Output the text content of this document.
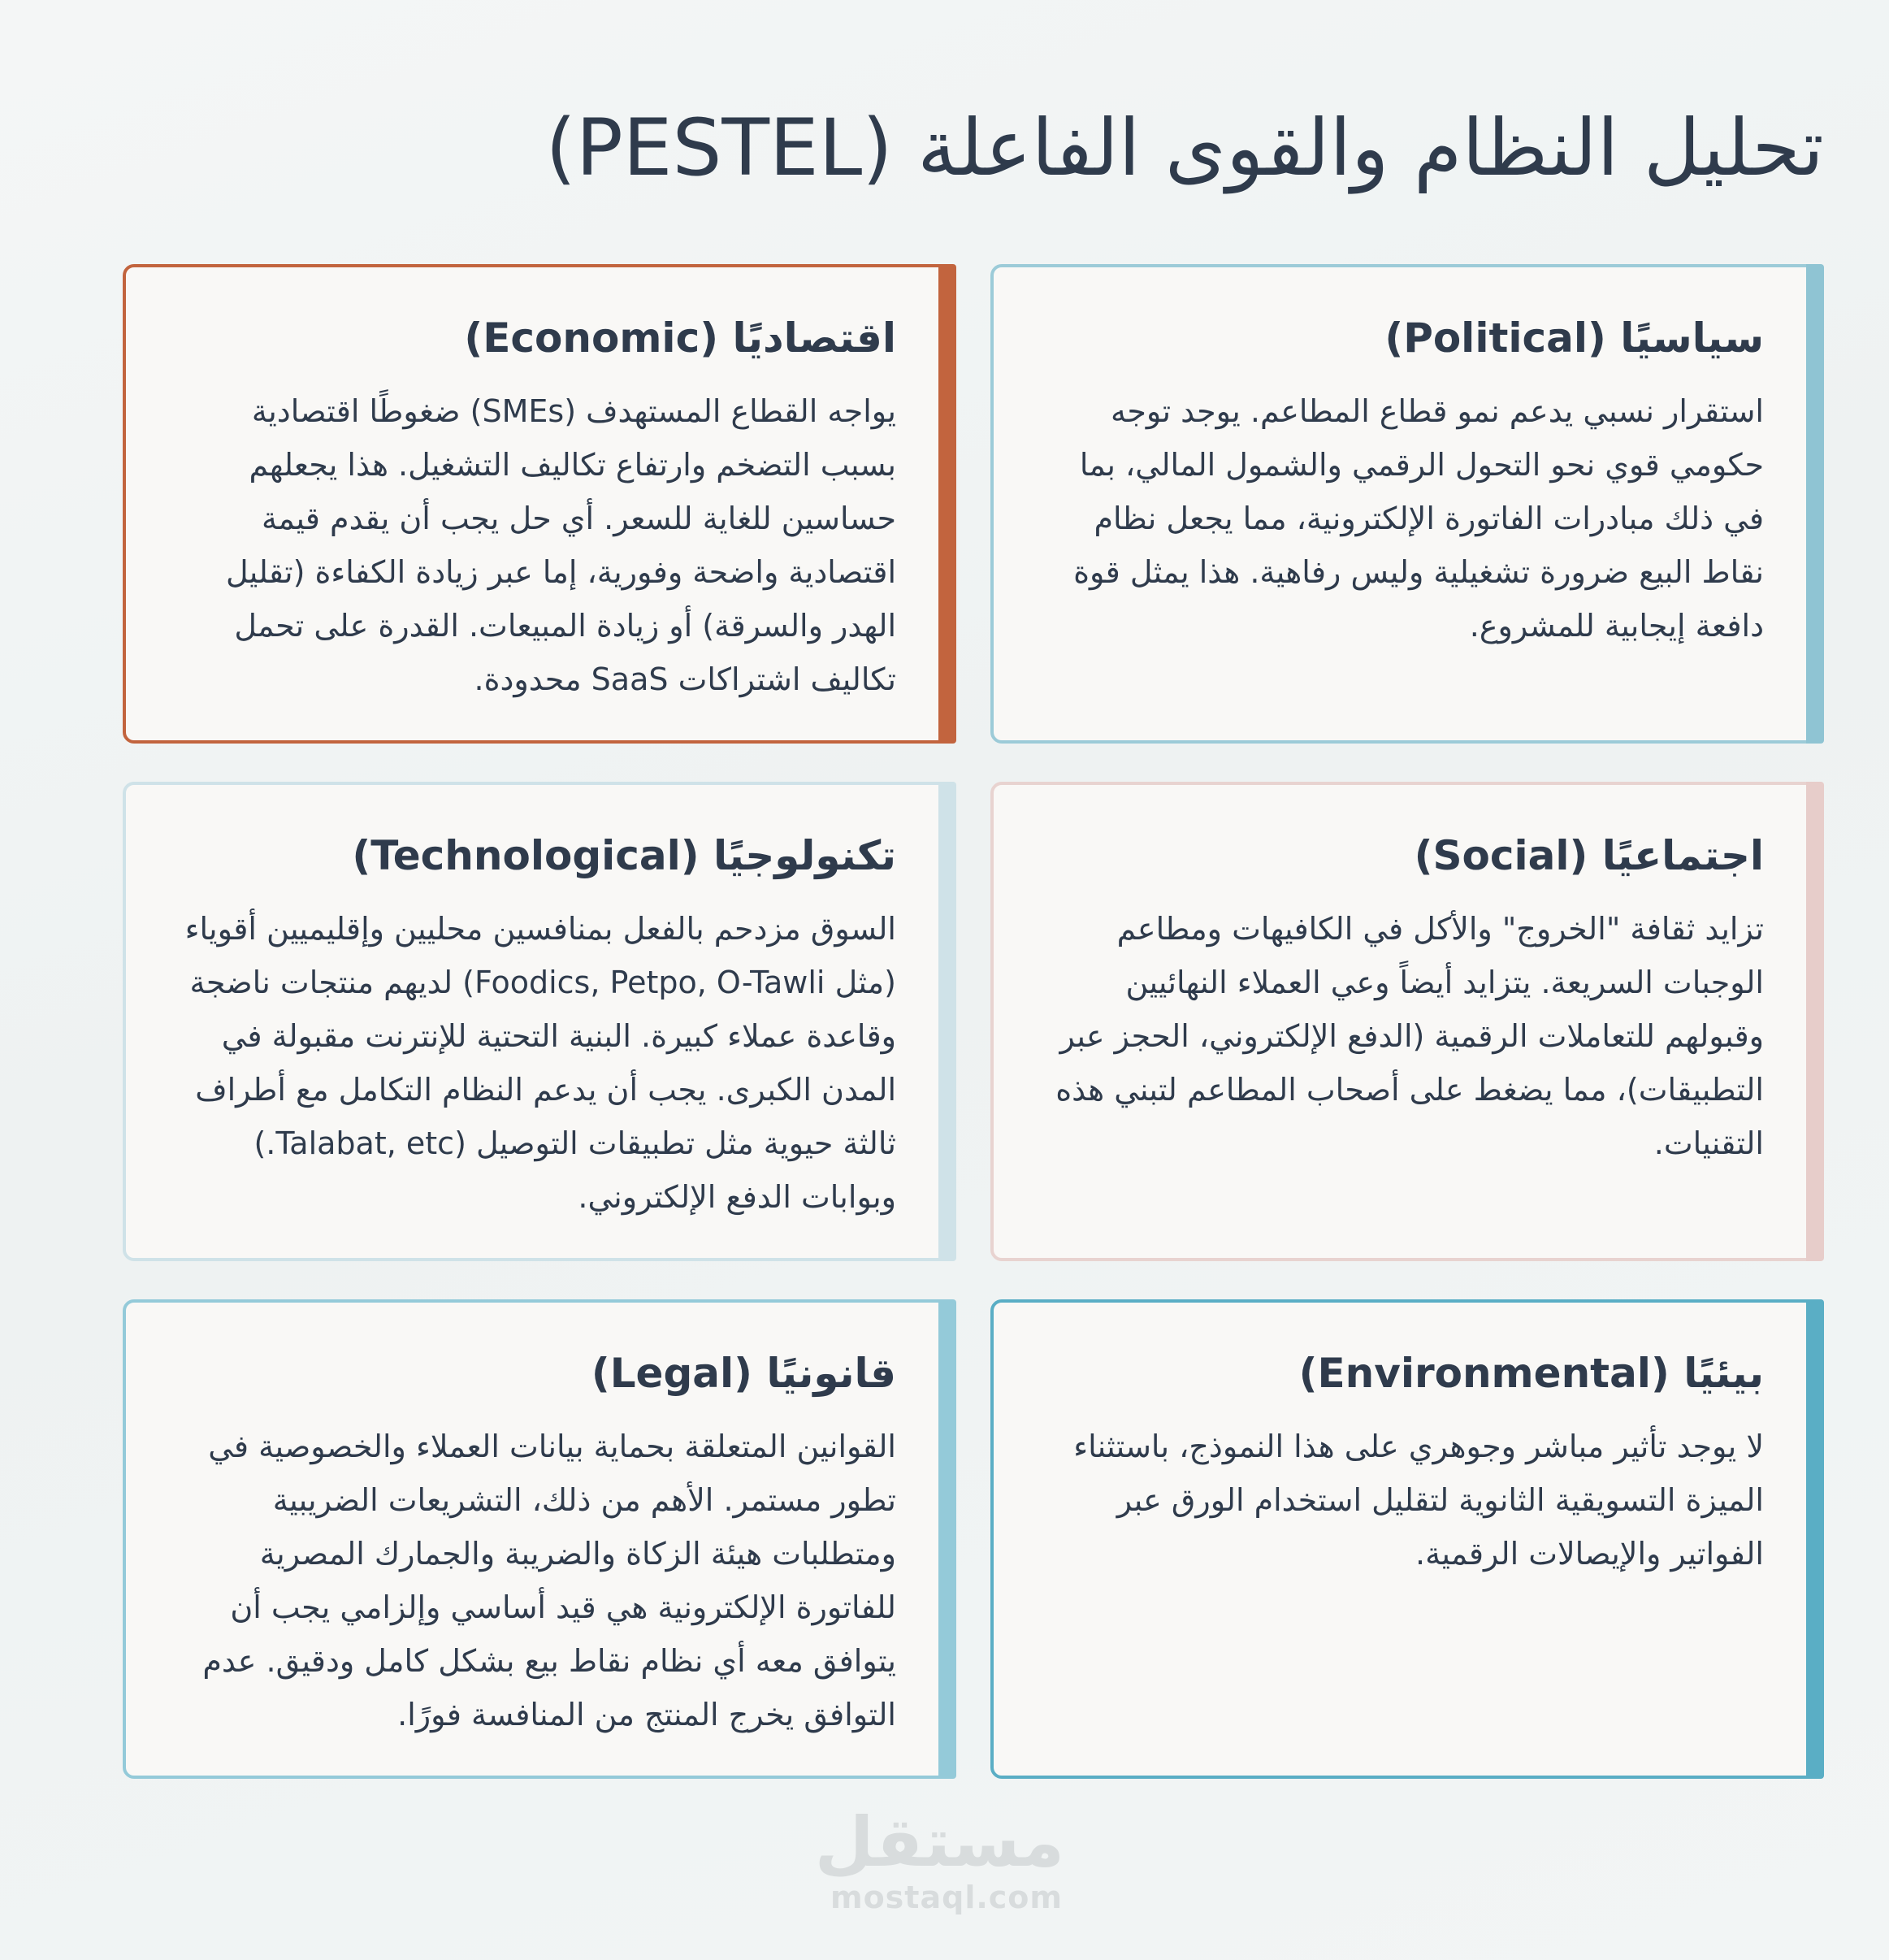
تحليل النظام والقوى الفاعلة (PESTEL)
سياسيًا (Political)

استقرار نسبي يدعم نمو قطاع المطاعم. يوجد توجه حكومي قوي نحو التحول الرقمي والشمول المالي، بما في ذلك مبادرات الفاتورة الإلكترونية، مما يجعل نظام نقاط البيع ضرورة تشغيلية وليس رفاهية. هذا يمثل قوة دافعة إيجابية للمشروع.

اقتصاديًا (Economic)

يواجه القطاع المستهدف (SMEs) ضغوطًا اقتصادية بسبب التضخم وارتفاع تكاليف التشغيل. هذا يجعلهم حساسين للغاية للسعر. أي حل يجب أن يقدم قيمة اقتصادية واضحة وفورية، إما عبر زيادة الكفاءة (تقليل الهدر والسرقة) أو زيادة المبيعات. القدرة على تحمل تكاليف اشتراكات SaaS محدودة.

اجتماعيًا (Social)

تزايد ثقافة "الخروج" والأكل في الكافيهات ومطاعم الوجبات السريعة. يتزايد أيضاً وعي العملاء النهائيين وقبولهم للتعاملات الرقمية (الدفع الإلكتروني، الحجز عبر التطبيقات)، مما يضغط على أصحاب المطاعم لتبني هذه التقنيات.

تكنولوجيًا (Technological)

السوق مزدحم بالفعل بمنافسين محليين وإقليميين أقوياء (مثل Foodics, Petpo, O-Tawli) لديهم منتجات ناضجة وقاعدة عملاء كبيرة. البنية التحتية للإنترنت مقبولة في المدن الكبرى. يجب أن يدعم النظام التكامل مع أطراف ثالثة حيوية مثل تطبيقات التوصيل (Talabat, etc.) وبوابات الدفع الإلكتروني.

بيئيًا (Environmental)

لا يوجد تأثير مباشر وجوهري على هذا النموذج، باستثناء الميزة التسويقية الثانوية لتقليل استخدام الورق عبر الفواتير والإيصالات الرقمية.

قانونيًا (Legal)

القوانين المتعلقة بحماية بيانات العملاء والخصوصية في تطور مستمر. الأهم من ذلك، التشريعات الضريبية ومتطلبات هيئة الزكاة والضريبة والجمارك المصرية للفاتورة الإلكترونية هي قيد أساسي وإلزامي يجب أن يتوافق معه أي نظام نقاط بيع بشكل كامل ودقيق. عدم التوافق يخرج المنتج من المنافسة فورًا.

مستقل

mostaql.com
